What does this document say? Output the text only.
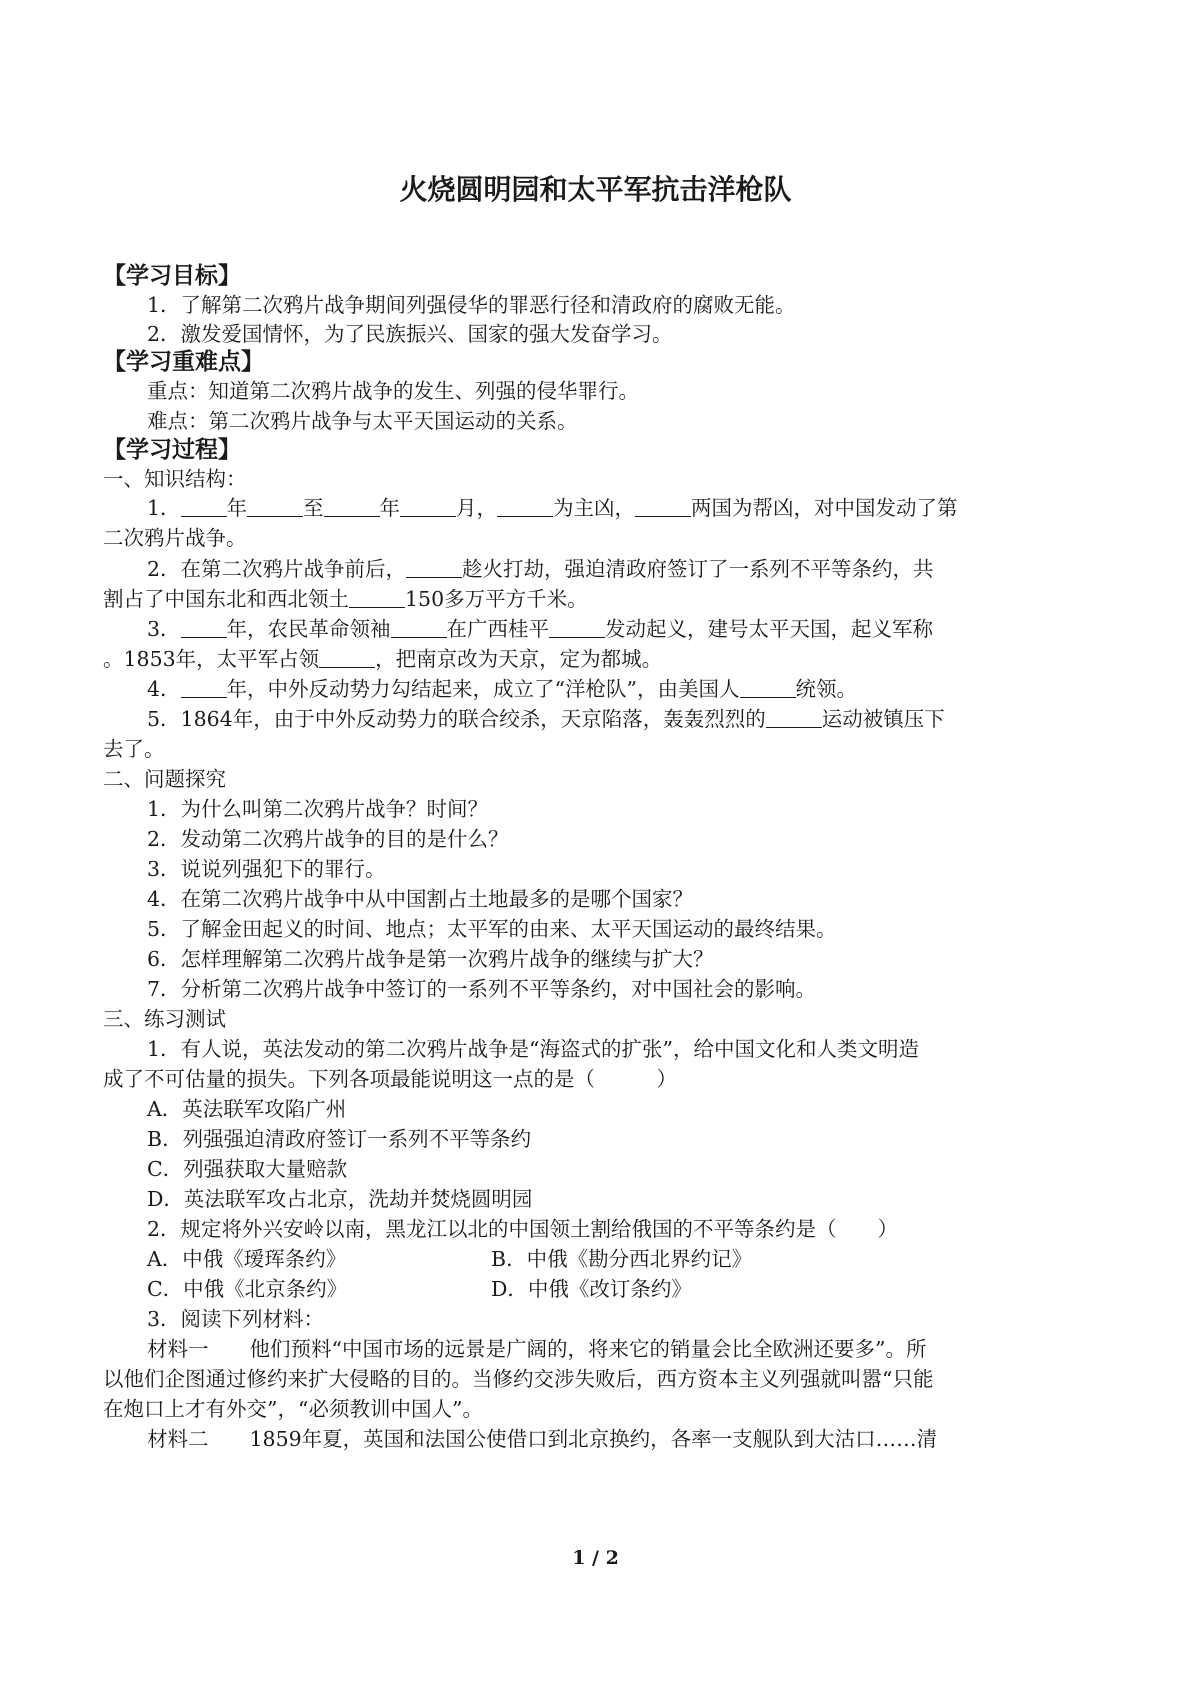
火烧圆明园和太平军抗击洋枪队
【学习目标】
1．了解第二次鸦片战争期间列强侵华的罪恶行径和清政府的腐败无能。
2．激发爱国情怀，为了民族振兴、国家的强大发奋学习。
【学习重难点】
重点：知道第二次鸦片战争的发生、列强的侵华罪行。
难点：第二次鸦片战争与太平天国运动的关系。
【学习过程】
一、知识结构：
1． 年	至	年	月，	为主凶，	两国为帮凶，对中国发动了第
二次鸦片战争。
2．在第二次鸦片战争前后，	趁火打劫，强迫清政府签订了一系列不平等条约，共
割占了中国东北和西北领土	150多万平方千米。
3． 年，农民革命领袖	在广西桂平	发动起义，建号太平天国，起义军称
。1853年，太平军占领	，把南京改为天京，定为都城。
4． 年，中外反动势力勾结起来，成立了“洋枪队”，由美国人	统领。
5．1864年，由于中外反动势力的联合绞杀，天京陷落，轰轰烈烈的	运动被镇压下
去了。
二、问题探究
1．为什么叫第二次鸦片战争？时间？
2．发动第二次鸦片战争的目的是什么？
3．说说列强犯下的罪行。
4．在第二次鸦片战争中从中国割占土地最多的是哪个国家？
5．了解金田起义的时间、地点；太平军的由来、太平天国运动的最终结果。
6．怎样理解第二次鸦片战争是第一次鸦片战争的继续与扩大？
7．分析第二次鸦片战争中签订的一系列不平等条约，对中国社会的影响。
三、练习测试
1．有人说，英法发动的第二次鸦片战争是“海盗式的扩张”，给中国文化和人类文明造
成了不可估量的损失。下列各项最能说明这一点的是（　　　）
A．英法联军攻陷广州
B．列强强迫清政府签订一系列不平等条约
C．列强获取大量赔款
D．英法联军攻占北京，洗劫并焚烧圆明园
2．规定将外兴安岭以南，黑龙江以北的中国领土割给俄国的不平等条约是（　　）
A．中俄《瑷珲条约》	B．中俄《勘分西北界约记》
C．中俄《北京条约》	D．中俄《改订条约》
3．阅读下列材料：
材料一　　他们预料“中国市场的远景是广阔的，将来它的销量会比全欧洲还要多”。所
以他们企图通过修约来扩大侵略的目的。当修约交涉失败后，西方资本主义列强就叫嚣“只能
在炮口上才有外交”，“必须教训中国人”。
材料二　　1859年夏，英国和法国公使借口到北京换约，各率一支舰队到大沽口……清
1 / 2
